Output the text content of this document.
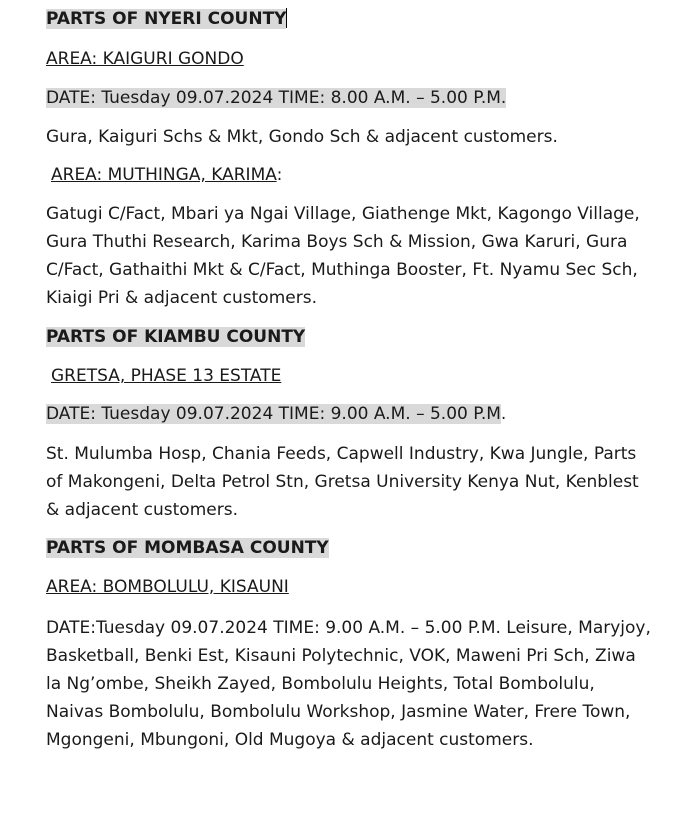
PARTS OF NYERI COUNTY
AREA: KAIGURI GONDO
DATE: Tuesday 09.07.2024 TIME: 8.00 A.M. – 5.00 P.M.
Gura, Kaiguri Schs & Mkt, Gondo Sch & adjacent customers.
AREA: MUTHINGA, KARIMA:
Gatugi C/Fact, Mbari ya Ngai Village, Giathenge Mkt, Kagongo Village, Gura Thuthi Research, Karima Boys Sch & Mission, Gwa Karuri, Gura C/Fact, Gathaithi Mkt & C/Fact, Muthinga Booster, Ft. Nyamu Sec Sch, Kiaigi Pri & adjacent customers.
PARTS OF KIAMBU COUNTY
GRETSA, PHASE 13 ESTATE
DATE: Tuesday 09.07.2024 TIME: 9.00 A.M. – 5.00 P.M.
St. Mulumba Hosp, Chania Feeds, Capwell Industry, Kwa Jungle, Parts of Makongeni, Delta Petrol Stn, Gretsa University Kenya Nut, Kenblest & adjacent customers.
PARTS OF MOMBASA COUNTY
AREA: BOMBOLULU, KISAUNI
DATE:Tuesday 09.07.2024 TIME: 9.00 A.M. – 5.00 P.M. Leisure, Maryjoy, Basketball, Benki Est, Kisauni Polytechnic, VOK, Maweni Pri Sch, Ziwa la Ng’ombe, Sheikh Zayed, Bombolulu Heights, Total Bombolulu, Naivas Bombolulu, Bombolulu Workshop, Jasmine Water, Frere Town, Mgongeni, Mbungoni, Old Mugoya & adjacent customers.
